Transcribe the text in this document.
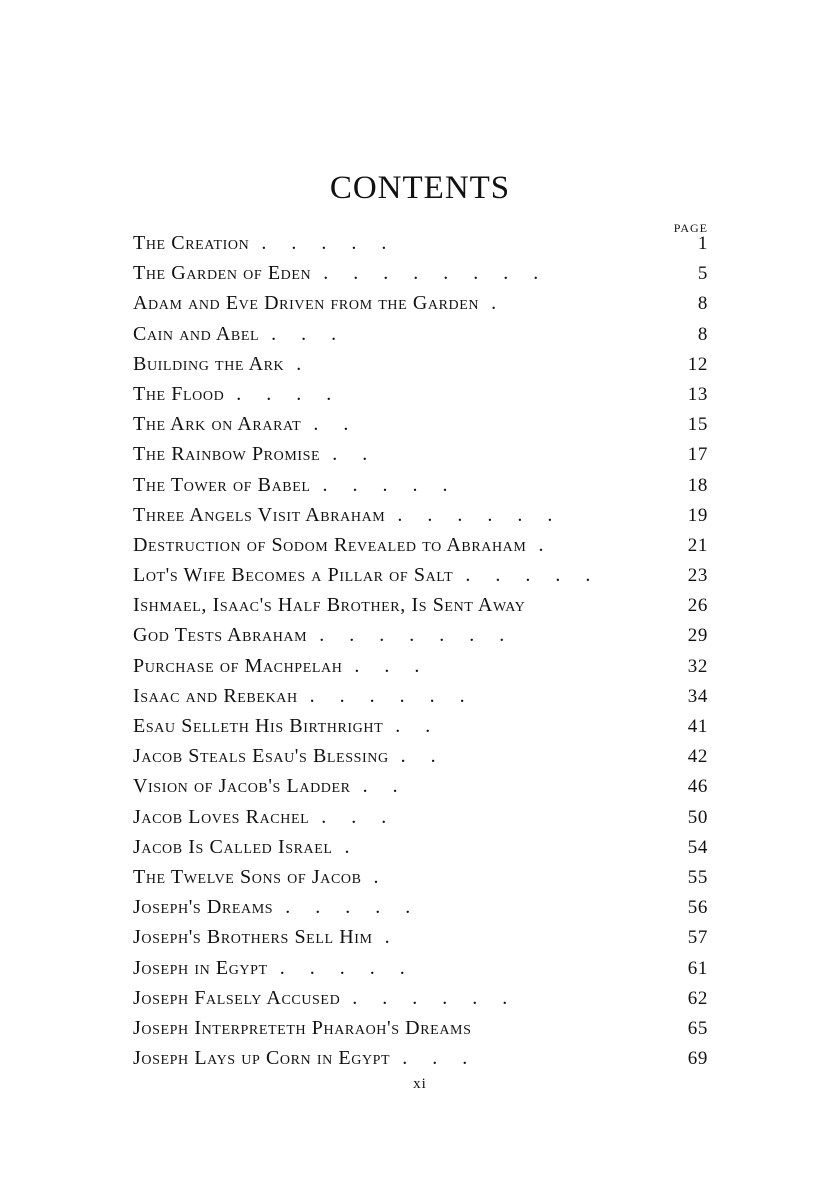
CONTENTS
PAGE
The Creation . . . . .	1
The Garden of Eden . . . . . . . .	5
Adam and Eve Driven from the Garden .	8
Cain and Abel . . .	8
Building the Ark .	12
The Flood . . . .	13
The Ark on Ararat . .	15
The Rainbow Promise . .	17
The Tower of Babel . . . . .	18
Three Angels Visit Abraham . . . . . .	19
Destruction of Sodom Revealed to Abraham .	21
Lot's Wife Becomes a Pillar of Salt . . . . .	23
Ishmael, Isaac's Half Brother, Is Sent Away	26
God Tests Abraham . . . . . . .	29
Purchase of Machpelah . . .	32
Isaac and Rebekah . . . . . .	34
Esau Selleth His Birthright . .	41
Jacob Steals Esau's Blessing . .	42
Vision of Jacob's Ladder . .	46
Jacob Loves Rachel . . .	50
Jacob Is Called Israel .	54
The Twelve Sons of Jacob .	55
Joseph's Dreams . . . . .	56
Joseph's Brothers Sell Him .	57
Joseph in Egypt . . . . .	61
Joseph Falsely Accused . . . . . .	62
Joseph Interpreteth Pharaoh's Dreams	65
Joseph Lays up Corn in Egypt . . .	69
xi
